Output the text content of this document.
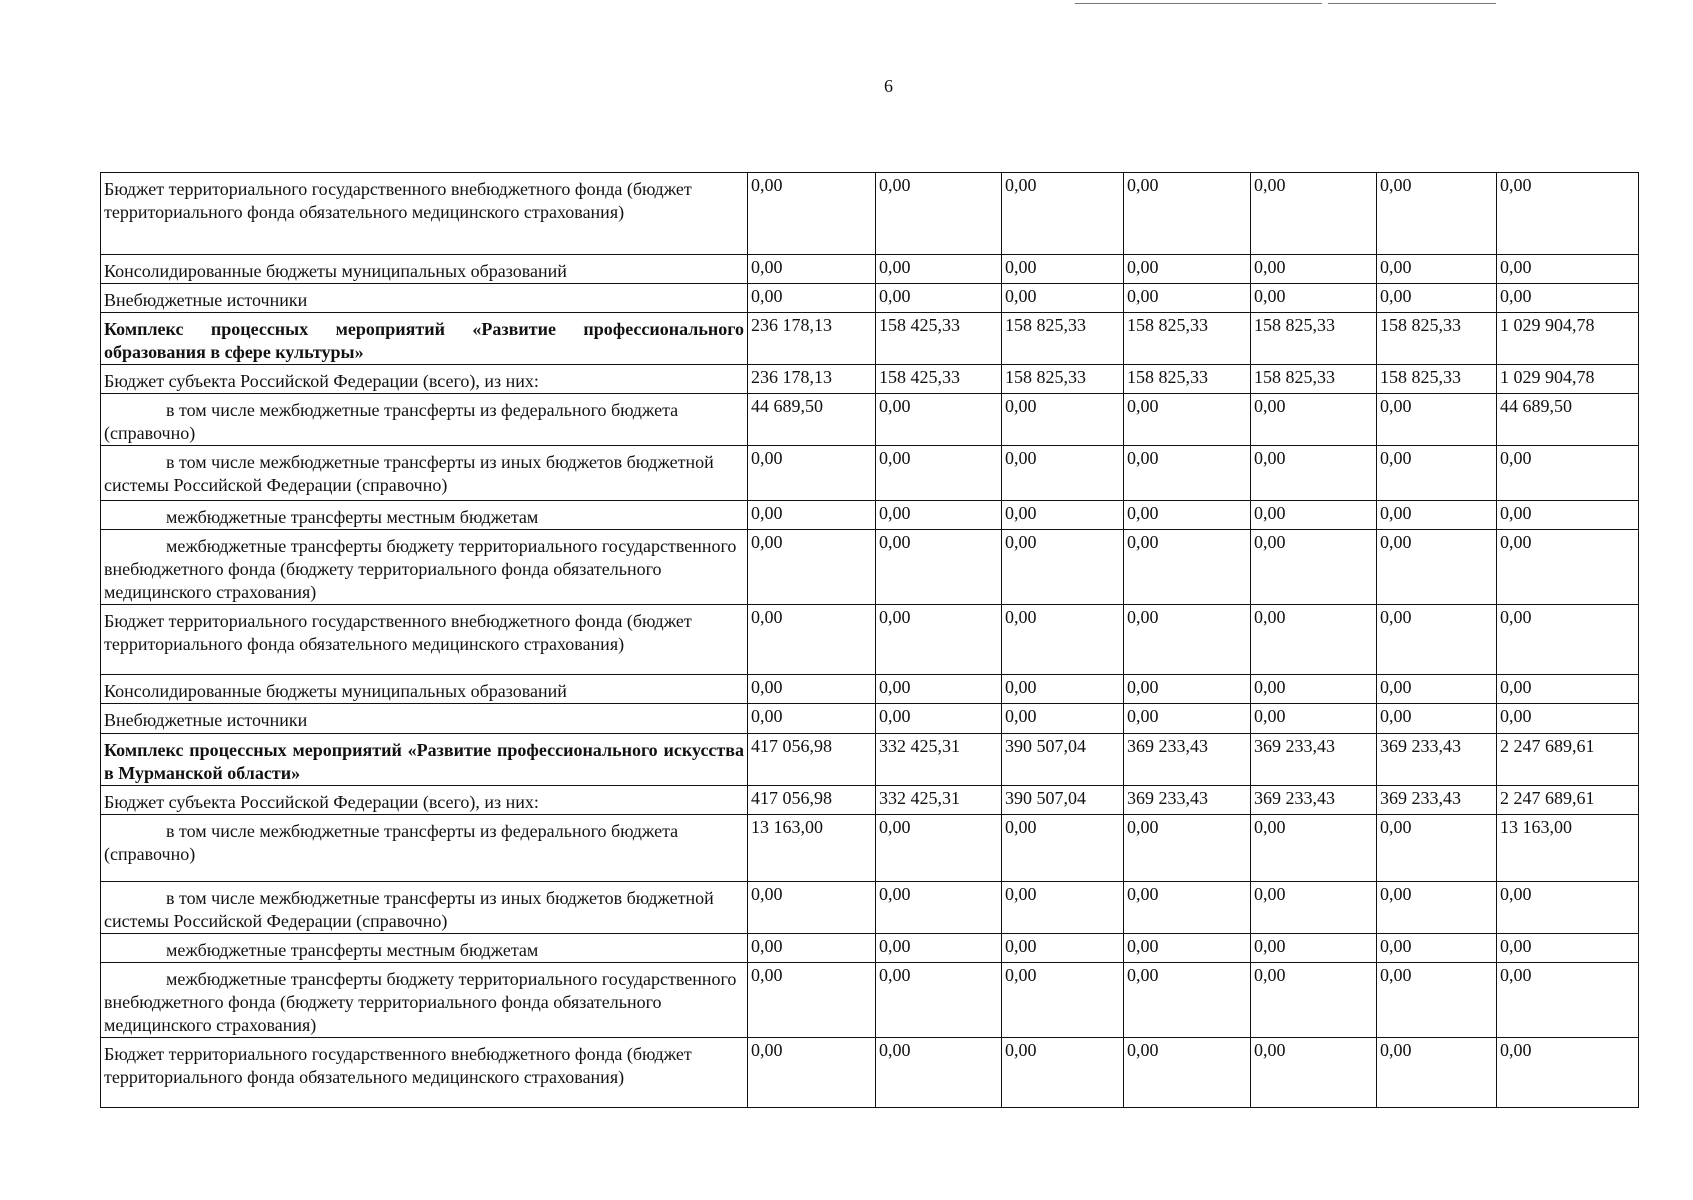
6
Бюджет территориального государственного внебюджетного фонда (бюджет территориального фонда обязательного медицинского страхования)	0,00	0,00	0,00	0,00	0,00	0,00	0,00
Консолидированные бюджеты муниципальных образований	0,00	0,00	0,00	0,00	0,00	0,00	0,00
Внебюджетные источники	0,00	0,00	0,00	0,00	0,00	0,00	0,00
Комплекс процессных мероприятий «Развитие профессионального образования в сфере культуры»	236 178,13	158 425,33	158 825,33	158 825,33	158 825,33	158 825,33	1 029 904,78
Бюджет субъекта Российской Федерации (всего), из них:	236 178,13	158 425,33	158 825,33	158 825,33	158 825,33	158 825,33	1 029 904,78
в том числе межбюджетные трансферты из федерального бюджета (справочно)	44 689,50	0,00	0,00	0,00	0,00	0,00	44 689,50
в том числе межбюджетные трансферты из иных бюджетов бюджетной системы Российской Федерации (справочно)	0,00	0,00	0,00	0,00	0,00	0,00	0,00
межбюджетные трансферты местным бюджетам	0,00	0,00	0,00	0,00	0,00	0,00	0,00
межбюджетные трансферты бюджету территориального государственного внебюджетного фонда (бюджету территориального фонда обязательного медицинского страхования)	0,00	0,00	0,00	0,00	0,00	0,00	0,00
Бюджет территориального государственного внебюджетного фонда (бюджет территориального фонда обязательного медицинского страхования)	0,00	0,00	0,00	0,00	0,00	0,00	0,00
Консолидированные бюджеты муниципальных образований	0,00	0,00	0,00	0,00	0,00	0,00	0,00
Внебюджетные источники	0,00	0,00	0,00	0,00	0,00	0,00	0,00
Комплекс процессных мероприятий «Развитие профессионального искусства в Мурманской области»	417 056,98	332 425,31	390 507,04	369 233,43	369 233,43	369 233,43	2 247 689,61
Бюджет субъекта Российской Федерации (всего), из них:	417 056,98	332 425,31	390 507,04	369 233,43	369 233,43	369 233,43	2 247 689,61
в том числе межбюджетные трансферты из федерального бюджета (справочно)	13 163,00	0,00	0,00	0,00	0,00	0,00	13 163,00
в том числе межбюджетные трансферты из иных бюджетов бюджетной системы Российской Федерации (справочно)	0,00	0,00	0,00	0,00	0,00	0,00	0,00
межбюджетные трансферты местным бюджетам	0,00	0,00	0,00	0,00	0,00	0,00	0,00
межбюджетные трансферты бюджету территориального государственного внебюджетного фонда (бюджету территориального фонда обязательного медицинского страхования)	0,00	0,00	0,00	0,00	0,00	0,00	0,00
Бюджет территориального государственного внебюджетного фонда (бюджет территориального фонда обязательного медицинского страхования)	0,00	0,00	0,00	0,00	0,00	0,00	0,00
